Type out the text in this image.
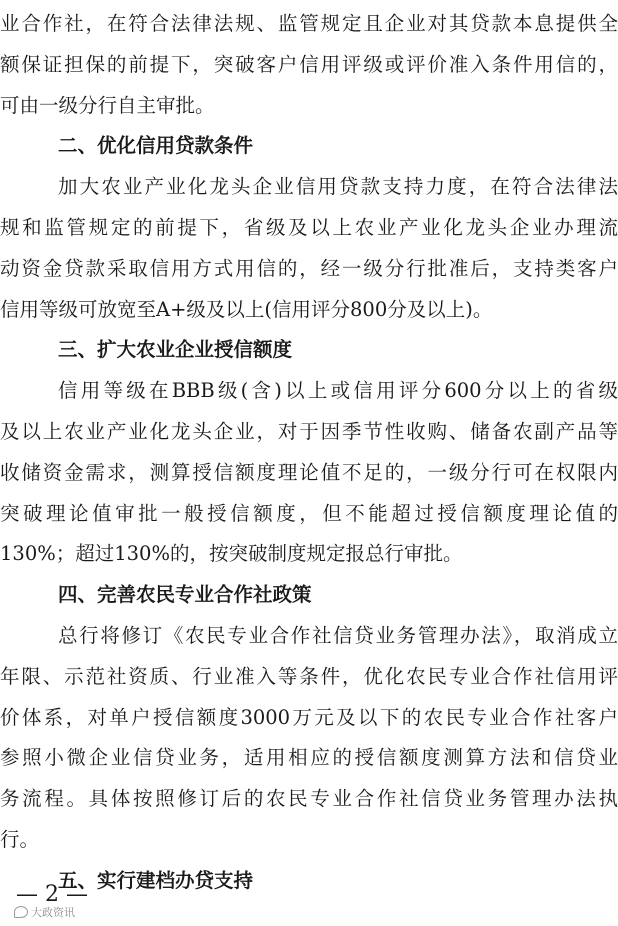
业合作社，在符合法律法规、监管规定且企业对其贷款本息提供全
额保证担保的前提下，突破客户信用评级或评价准入条件用信的，
可由一级分行自主审批。
二、优化信用贷款条件
加大农业产业化龙头企业信用贷款支持力度，在符合法律法
规和监管规定的前提下，省级及以上农业产业化龙头企业办理流
动资金贷款采取信用方式用信的，经一级分行批准后，支持类客户
信用等级可放宽至A+级及以上(信用评分800分及以上)。
三、扩大农业企业授信额度
信用等级在BBB级(含)以上或信用评分600分以上的省级
及以上农业产业化龙头企业，对于因季节性收购、储备农副产品等
收储资金需求，测算授信额度理论值不足的，一级分行可在权限内
突破理论值审批一般授信额度，但不能超过授信额度理论值的
130%；超过130%的，按突破制度规定报总行审批。
四、完善农民专业合作社政策
总行将修订《农民专业合作社信贷业务管理办法》，取消成立
年限、示范社资质、行业准入等条件，优化农民专业合作社信用评
价体系，对单户授信额度3000万元及以下的农民专业合作社客户
参照小微企业信贷业务，适用相应的授信额度测算方法和信贷业
务流程。具体按照修订后的农民专业合作社信贷业务管理办法执
行。
五、实行建档办贷支持
— 2 —
大政资讯
